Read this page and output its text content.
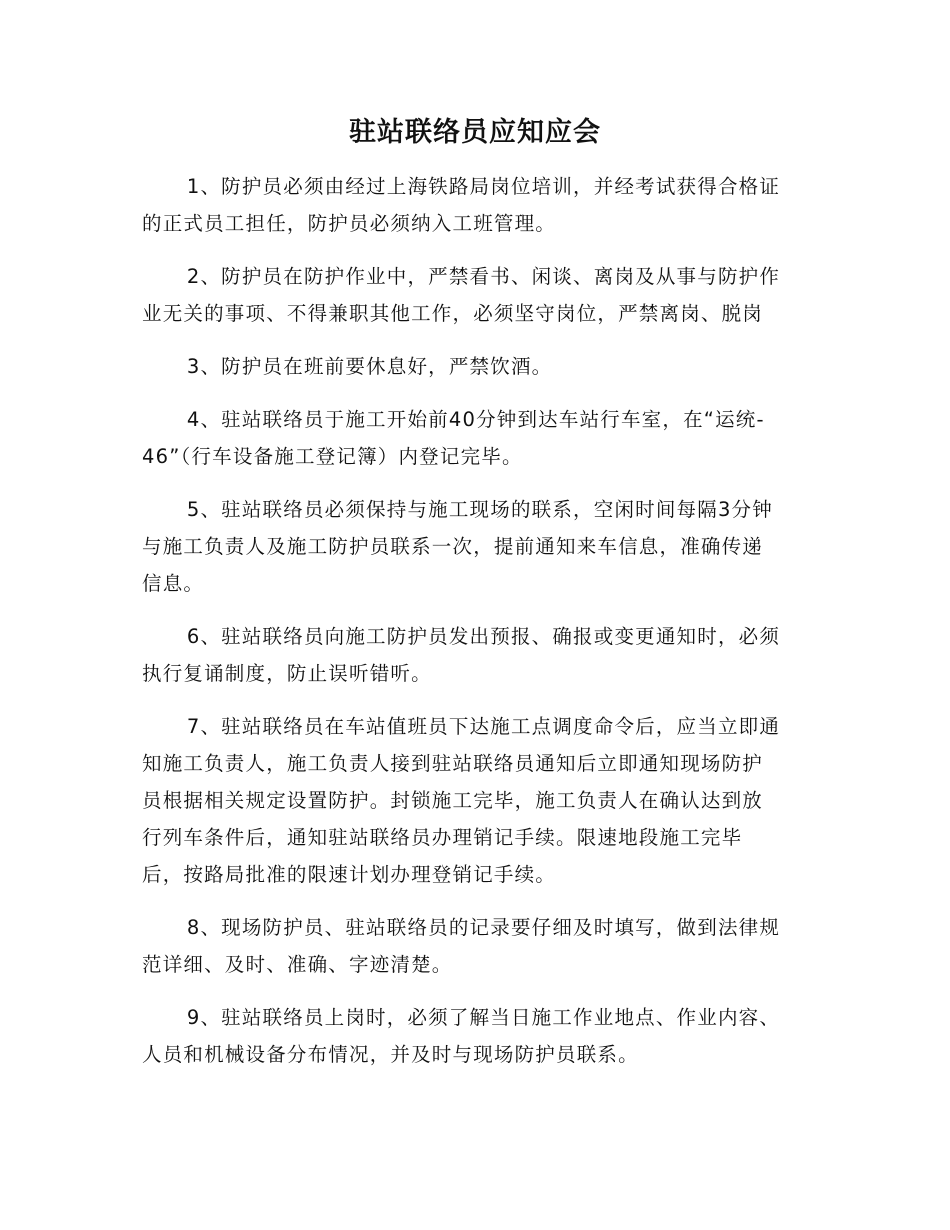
驻站联络员应知应会

1、防护员必须由经过上海铁路局岗位培训，并经考试获得合格证
的正式员工担任，防护员必须纳入工班管理。

2、防护员在防护作业中，严禁看书、闲谈、离岗及从事与防护作
业无关的事项、不得兼职其他工作，必须坚守岗位，严禁离岗、脱岗

3、防护员在班前要休息好，严禁饮酒。

4、驻站联络员于施工开始前40分钟到达车站行车室，在“运统-
46”（行车设备施工登记簿）内登记完毕。

5、驻站联络员必须保持与施工现场的联系，空闲时间每隔3分钟
与施工负责人及施工防护员联系一次，提前通知来车信息，准确传递
信息。

6、驻站联络员向施工防护员发出预报、确报或变更通知时，必须
执行复诵制度，防止误听错听。

7、驻站联络员在车站值班员下达施工点调度命令后，应当立即通
知施工负责人，施工负责人接到驻站联络员通知后立即通知现场防护
员根据相关规定设置防护。封锁施工完毕，施工负责人在确认达到放
行列车条件后，通知驻站联络员办理销记手续。限速地段施工完毕
后，按路局批准的限速计划办理登销记手续。

8、现场防护员、驻站联络员的记录要仔细及时填写，做到法律规
范详细、及时、准确、字迹清楚。

9、驻站联络员上岗时，必须了解当日施工作业地点、作业内容、
人员和机械设备分布情况，并及时与现场防护员联系。
